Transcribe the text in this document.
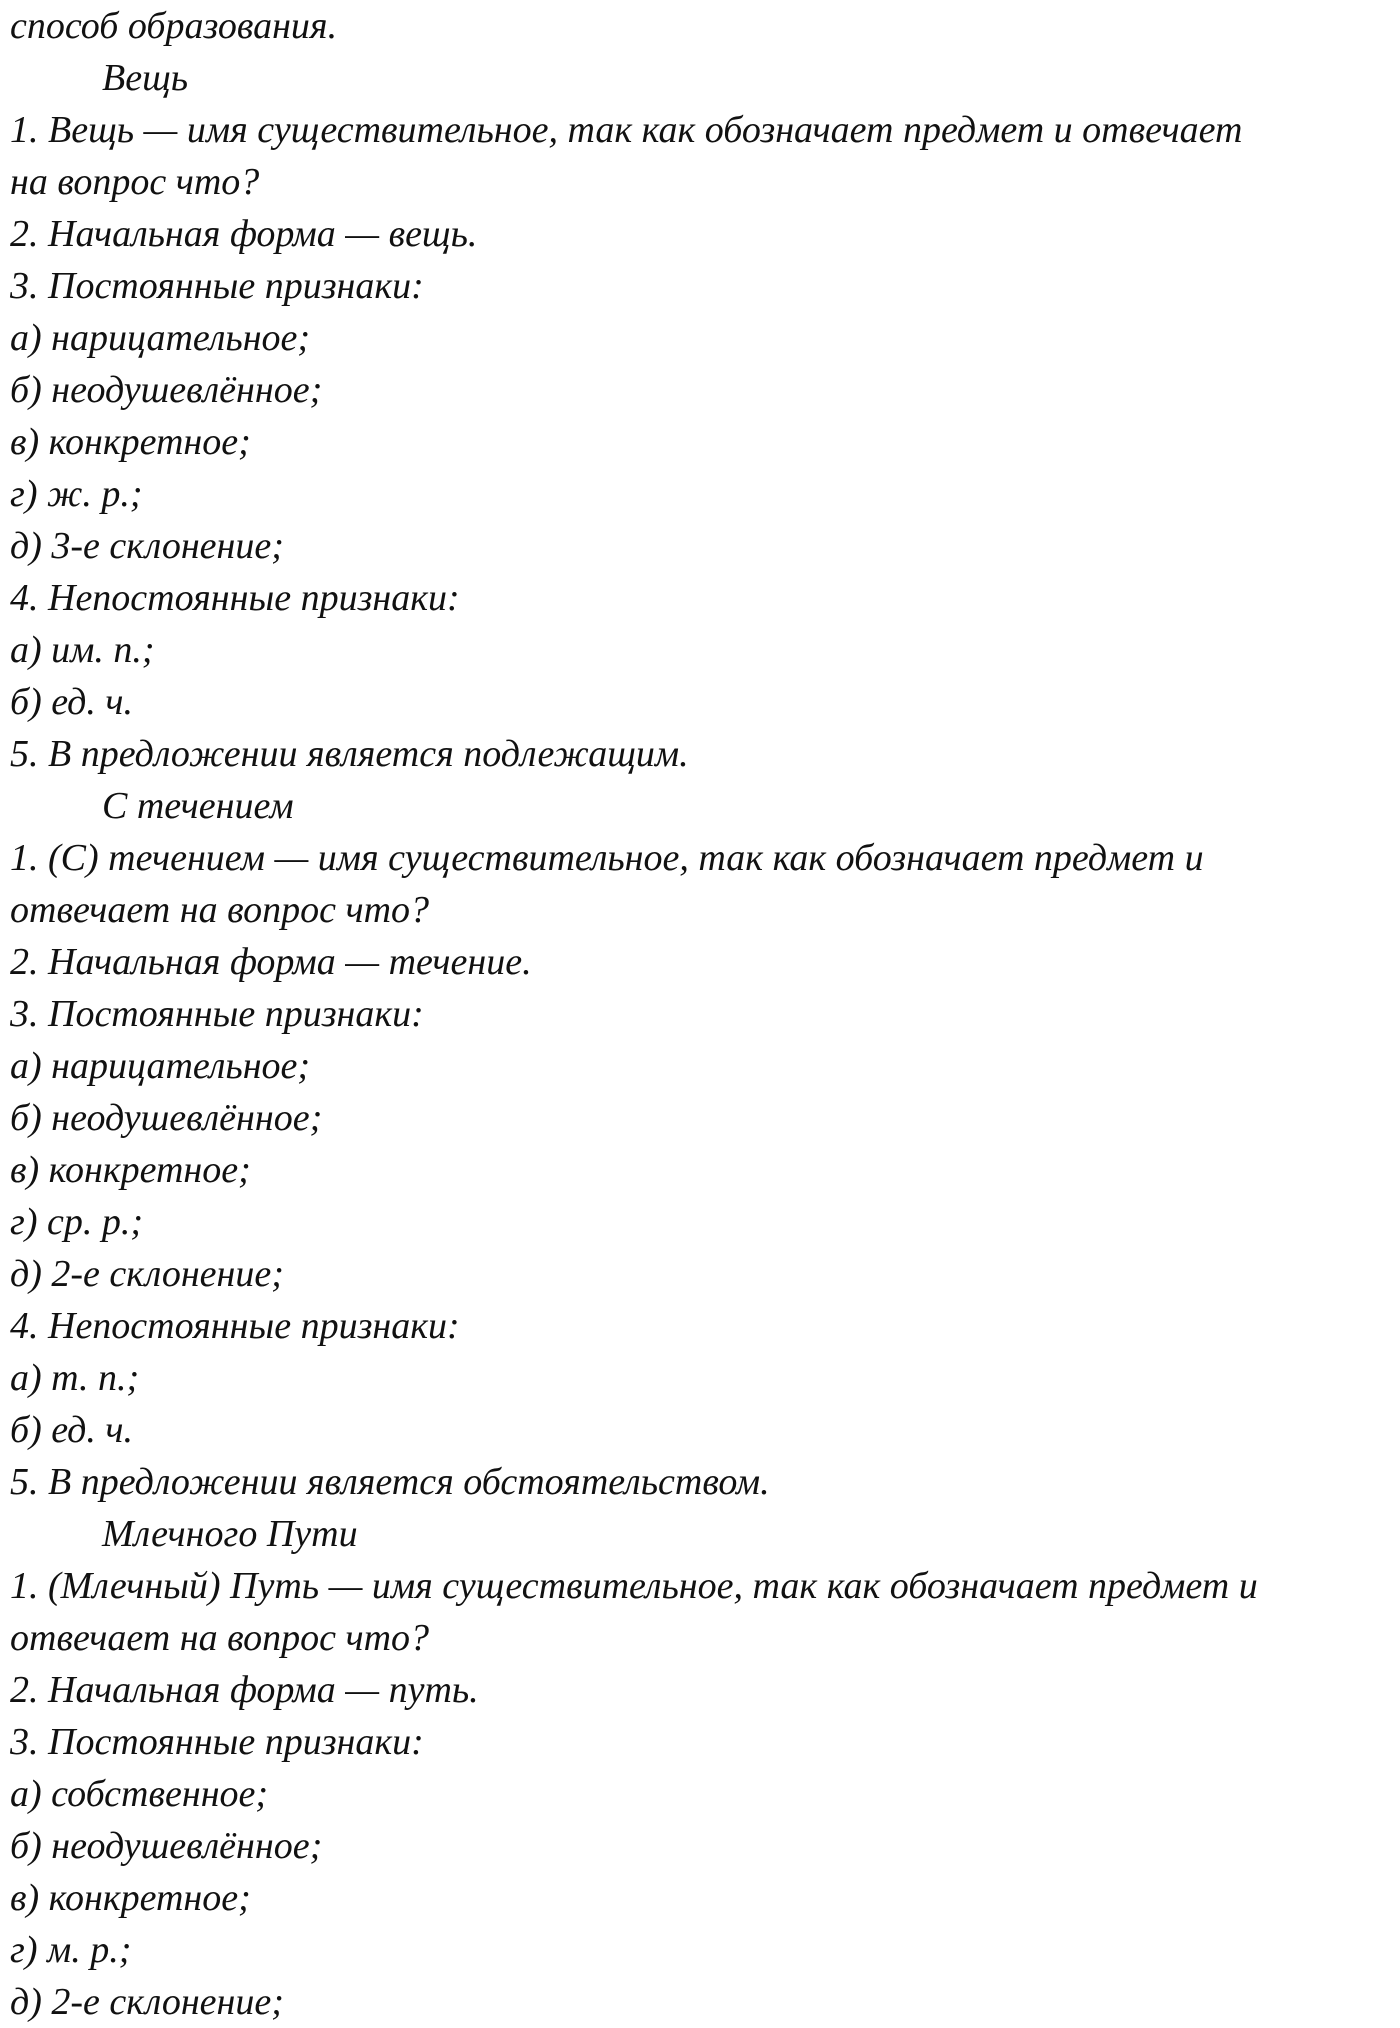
способ образования.
Вещь
1. Вещь — имя существительное, так как обозначает предмет и отвечает
на вопрос что?
2. Начальная форма — вещь.
3. Постоянные признаки:
а) нарицательное;
б) неодушевлённое;
в) конкретное;
г) ж. р.;
д) 3-е склонение;
4. Непостоянные признаки:
а) им. п.;
б) ед. ч.
5. В предложении является подлежащим.
С течением
1. (С) течением — имя существительное, так как обозначает предмет и
отвечает на вопрос что?
2. Начальная форма — течение.
3. Постоянные признаки:
а) нарицательное;
б) неодушевлённое;
в) конкретное;
г) ср. р.;
д) 2-е склонение;
4. Непостоянные признаки:
а) т. п.;
б) ед. ч.
5. В предложении является обстоятельством.
Млечного Пути
1. (Млечный) Путь — имя существительное, так как обозначает предмет и
отвечает на вопрос что?
2. Начальная форма — путь.
3. Постоянные признаки:
а) собственное;
б) неодушевлённое;
в) конкретное;
г) м. р.;
д) 2-е склонение;
